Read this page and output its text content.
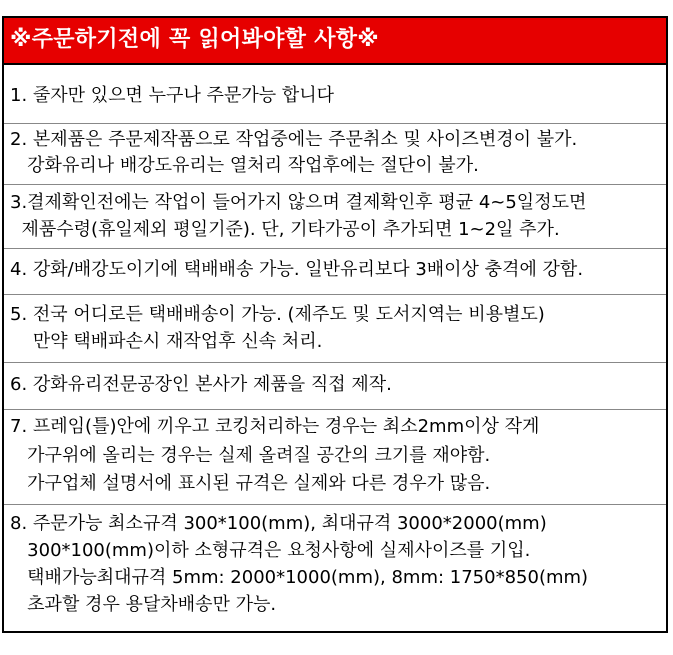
※주문하기전에 꼭 읽어봐야할 사항※
1. 줄자만 있으면 누구나 주문가능 합니다
2. 본제품은 주문제작품으로 작업중에는 주문취소 및 사이즈변경이 불가.
강화유리나 배강도유리는 열처리 작업후에는 절단이 불가.
3.결제확인전에는 작업이 들어가지 않으며 결제확인후 평균 4~5일정도면
제품수령(휴일제외 평일기준). 단, 기타가공이 추가되면 1~2일 추가.
4. 강화/배강도이기에 택배배송 가능. 일반유리보다 3배이상 충격에 강함.
5. 전국 어디로든 택배배송이 가능. (제주도 및 도서지역는 비용별도)
만약 택배파손시 재작업후 신속 처리.
6. 강화유리전문공장인 본사가 제품을 직접 제작.
7. 프레임(틀)안에 끼우고 코킹처리하는 경우는 최소2mm이상 작게
가구위에 올리는 경우는 실제 올려질 공간의 크기를 재야함.
가구업체 설명서에 표시된 규격은 실제와 다른 경우가 많음.
8. 주문가능 최소규격 300*100(mm), 최대규격 3000*2000(mm)
300*100(mm)이하 소형규격은 요청사항에 실제사이즈를 기입.
택배가능최대규격 5mm: 2000*1000(mm), 8mm: 1750*850(mm)
초과할 경우 용달차배송만 가능.
